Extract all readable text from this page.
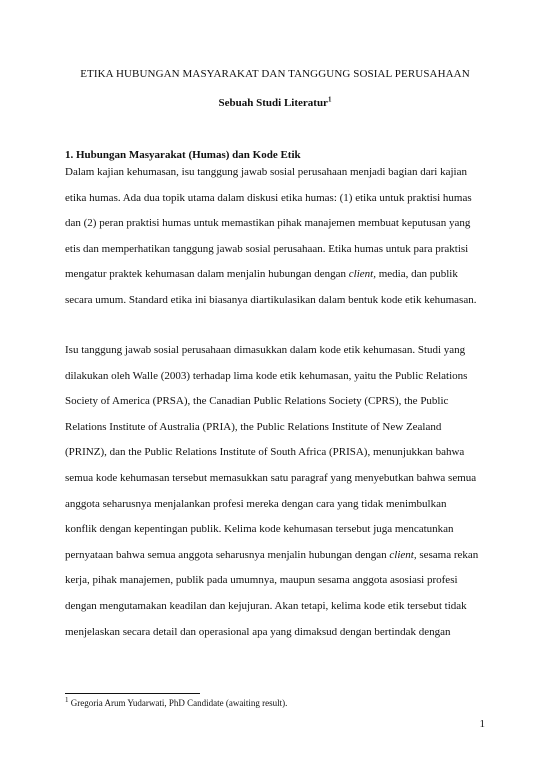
ETIKA HUBUNGAN MASYARAKAT DAN TANGGUNG SOSIAL PERUSAHAAN

Sebuah Studi Literatur$^1$

1. Hubungan Masyarakat (Humas) dan Kode Etik

Dalam kajian kehumasan, isu tanggung jawab sosial perusahaan menjadi bagian dari kajian
etika humas. Ada dua topik utama dalam diskusi etika humas: (1) etika untuk praktisi humas
dan (2) peran praktisi humas untuk memastikan pihak manajemen membuat keputusan yang
etis dan memperhatikan tanggung jawab sosial perusahaan. Etika humas untuk para praktisi
mengatur praktek kehumasan dalam menjalin hubungan dengan client, media, dan publik
secara umum. Standard etika ini biasanya diartikulasikan dalam bentuk kode etik kehumasan.
Isu tanggung jawab sosial perusahaan dimasukkan dalam kode etik kehumasan. Studi yang
dilakukan oleh Walle (2003) terhadap lima kode etik kehumasan, yaitu the Public Relations
Society of America (PRSA), the Canadian Public Relations Society (CPRS), the Public
Relations Institute of Australia (PRIA), the Public Relations Institute of New Zealand
(PRINZ), dan the Public Relations Institute of South Africa (PRISA), menunjukkan bahwa
semua kode kehumasan tersebut memasukkan satu paragraf yang menyebutkan bahwa semua
anggota seharusnya menjalankan profesi mereka dengan cara yang tidak menimbulkan
konflik dengan kepentingan publik. Kelima kode kehumasan tersebut juga mencatunkan
pernyataan bahwa semua anggota seharusnya menjalin hubungan dengan client, sesama rekan
kerja, pihak manajemen, publik pada umumnya, maupun sesama anggota asosiasi profesi
dengan mengutamakan keadilan dan kejujuran. Akan tetapi, kelima kode etik tersebut tidak
menjelaskan secara detail dan operasional apa yang dimaksud dengan bertindak dengan

$^1$ Gregoria Arum Yudarwati, PhD Candidate (awaiting result).

1
